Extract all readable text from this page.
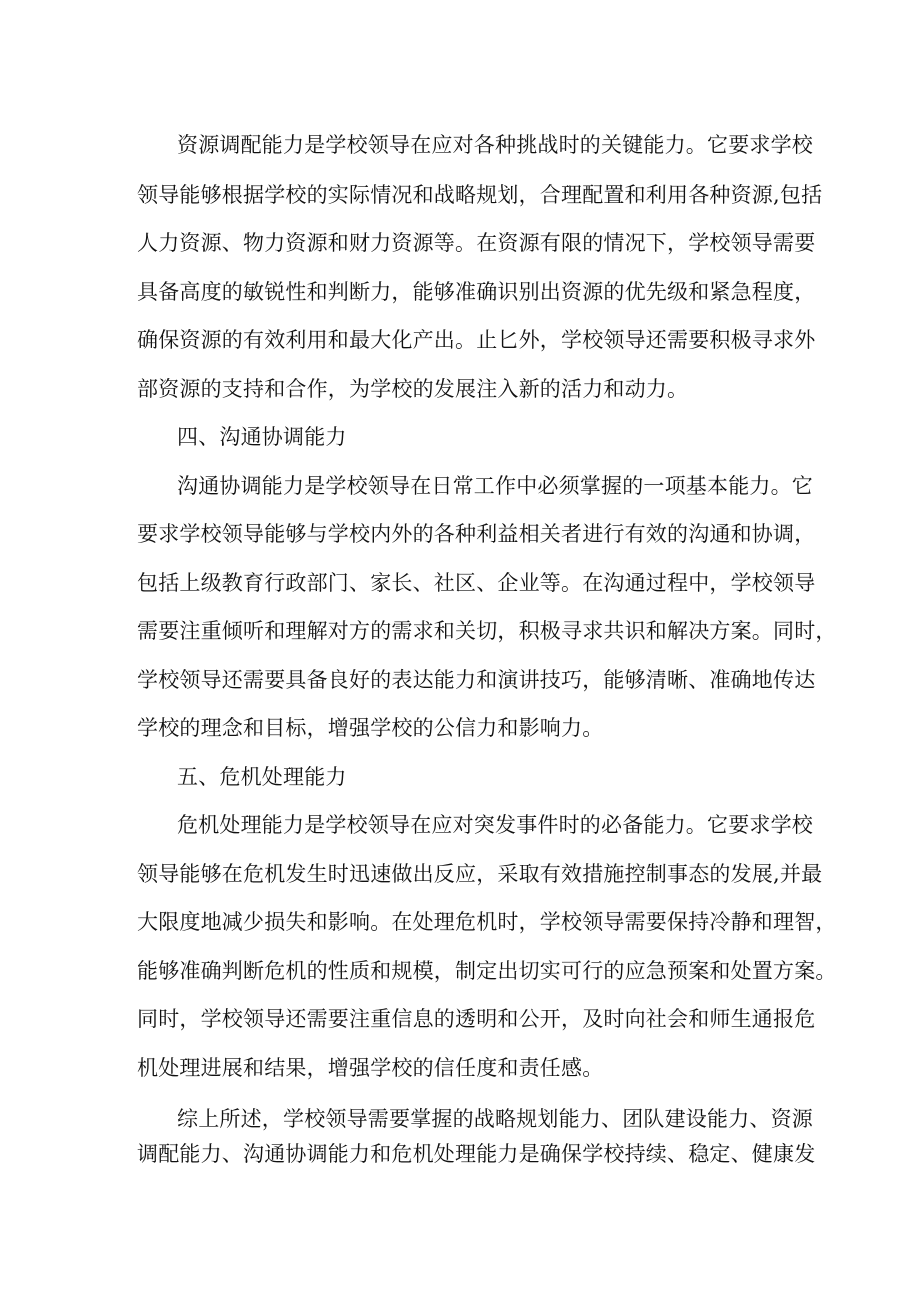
资源调配能力是学校领导在应对各种挑战时的关键能力。它要求学校
领导能够根据学校的实际情况和战略规划，合理配置和利用各种资源,包括
人力资源、物力资源和财力资源等。在资源有限的情况下，学校领导需要
具备高度的敏锐性和判断力，能够准确识别出资源的优先级和紧急程度，
确保资源的有效利用和最大化产出。止匕外，学校领导还需要积极寻求外
部资源的支持和合作，为学校的发展注入新的活力和动力。
四、沟通协调能力
沟通协调能力是学校领导在日常工作中必须掌握的一项基本能力。它
要求学校领导能够与学校内外的各种利益相关者进行有效的沟通和协调，
包括上级教育行政部门、家长、社区、企业等。在沟通过程中，学校领导
需要注重倾听和理解对方的需求和关切，积极寻求共识和解决方案。同时，
学校领导还需要具备良好的表达能力和演讲技巧，能够清晰、准确地传达
学校的理念和目标，增强学校的公信力和影响力。
五、危机处理能力
危机处理能力是学校领导在应对突发事件时的必备能力。它要求学校
领导能够在危机发生时迅速做出反应，采取有效措施控制事态的发展,并最
大限度地减少损失和影响。在处理危机时，学校领导需要保持冷静和理智，
能够准确判断危机的性质和规模，制定出切实可行的应急预案和处置方案。
同时，学校领导还需要注重信息的透明和公开，及时向社会和师生通报危
机处理进展和结果，增强学校的信任度和责任感。
综上所述，学校领导需要掌握的战略规划能力、团队建设能力、资源
调配能力、沟通协调能力和危机处理能力是确保学校持续、稳定、健康发
